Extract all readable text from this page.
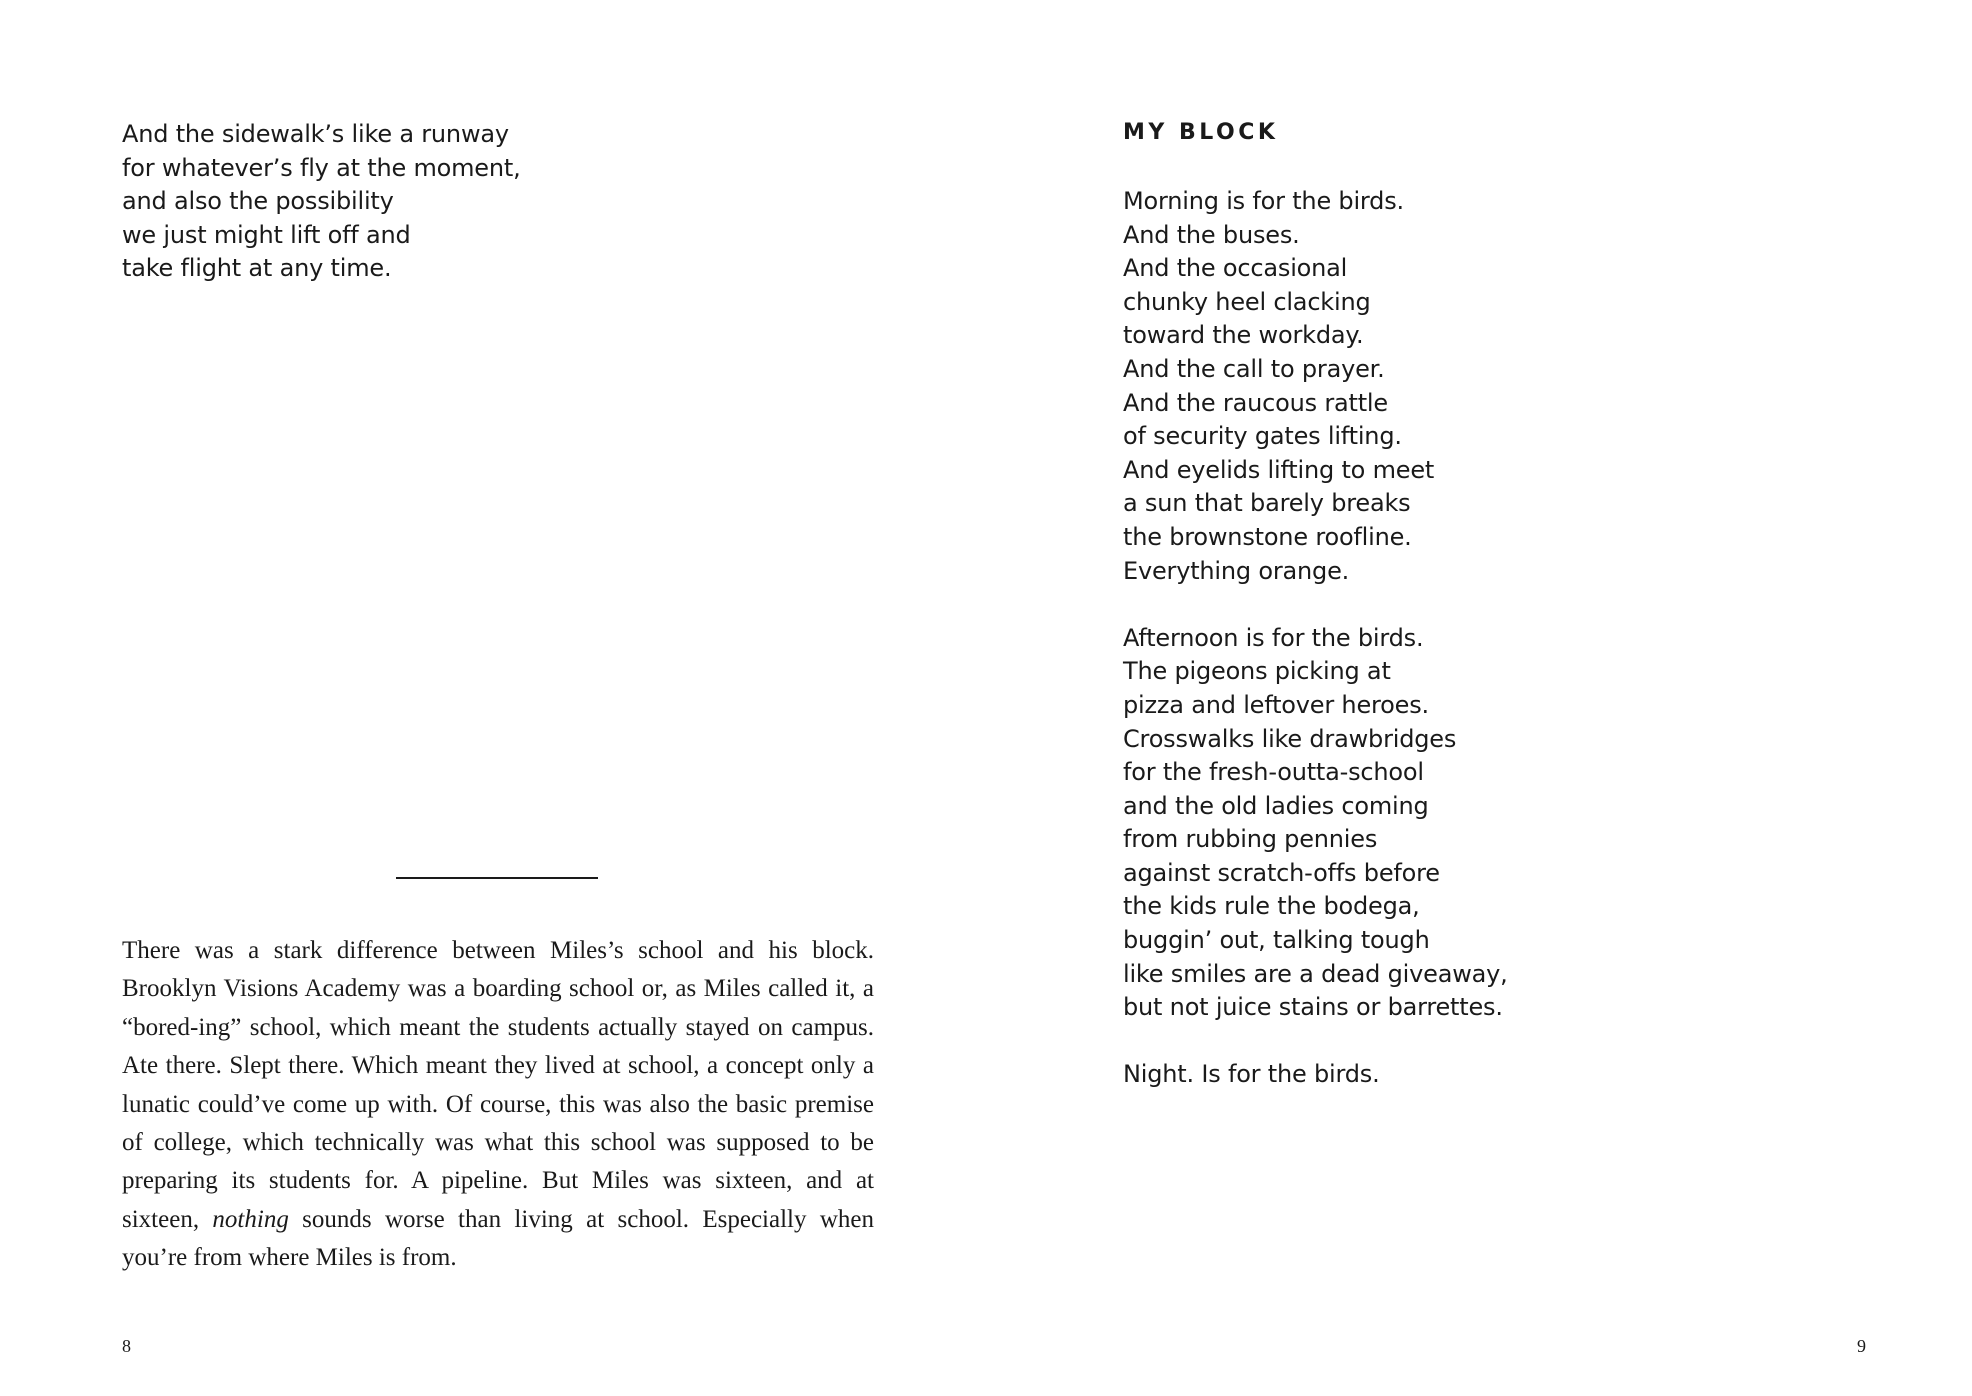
And the sidewalk’s like a runway
for whatever’s fly at the moment,
and also the possibility
we just might lift off and
take flight at any time.

There was a stark difference between Miles’s school and his block. Brooklyn Visions Academy was a boarding school or, as Miles called it, a “bored-ing” school, which meant the students actually stayed on campus. Ate there. Slept there. Which meant they lived at school, a concept only a lunatic could’ve come up with. Of course, this was also the basic premise of college, which technically was what this school was supposed to be preparing its students for. A pipeline. But Miles was sixteen, and at sixteen, nothing sounds worse than living at school. Especially when you’re from where Miles is from.

8
MY BLOCK
Morning is for the birds.
And the buses.
And the occasional
chunky heel clacking
toward the workday.
And the call to prayer.
And the raucous rattle
of security gates lifting.
And eyelids lifting to meet
a sun that barely breaks
the brownstone roofline.
Everything orange.
Afternoon is for the birds.
The pigeons picking at
pizza and leftover heroes.
Crosswalks like drawbridges
for the fresh-outta-school
and the old ladies coming
from rubbing pennies
against scratch-offs before
the kids rule the bodega,
buggin’ out, talking tough
like smiles are a dead giveaway,
but not juice stains or barrettes.
Night. Is for the birds.
9
